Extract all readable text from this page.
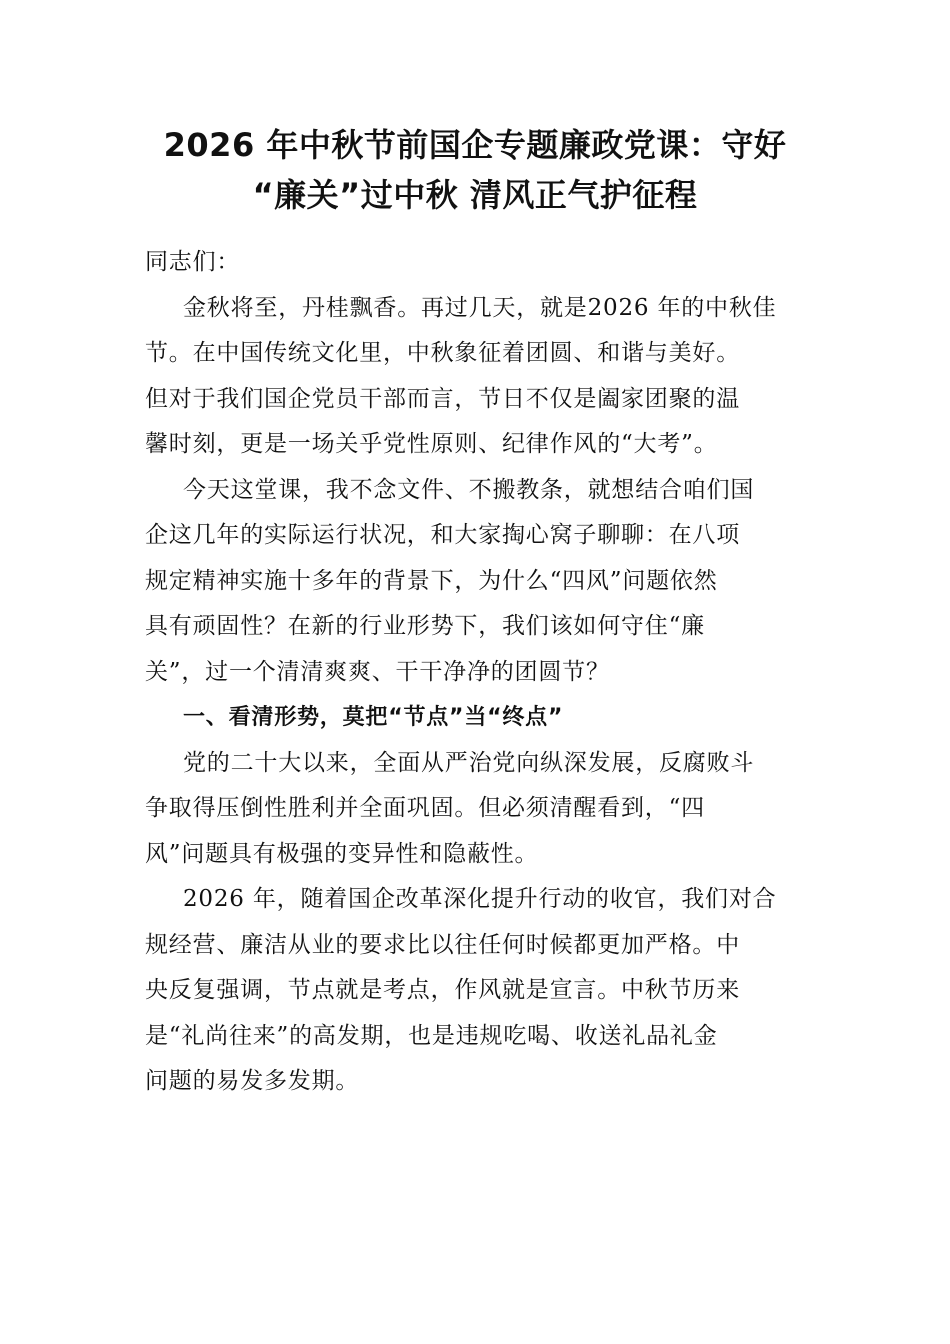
2026 年中秋节前国企专题廉政党课：守好
“廉关”过中秋 清风正气护征程

同志们：

金秋将至，丹桂飘香。再过几天，就是2026 年的中秋佳
节。在中国传统文化里，中秋象征着团圆、和谐与美好。
但对于我们国企党员干部而言，节日不仅是阖家团聚的温
馨时刻，更是一场关乎党性原则、纪律作风的“大考”。

今天这堂课，我不念文件、不搬教条，就想结合咱们国
企这几年的实际运行状况，和大家掏心窝子聊聊：在八项
规定精神实施十多年的背景下，为什么“四风”问题依然
具有顽固性？在新的行业形势下，我们该如何守住“廉
关”，过一个清清爽爽、干干净净的团圆节？

一、看清形势，莫把“节点”当“终点”

党的二十大以来，全面从严治党向纵深发展，反腐败斗
争取得压倒性胜利并全面巩固。但必须清醒看到，“四
风”问题具有极强的变异性和隐蔽性。

2026 年，随着国企改革深化提升行动的收官，我们对合
规经营、廉洁从业的要求比以往任何时候都更加严格。中
央反复强调，节点就是考点，作风就是宣言。中秋节历来
是“礼尚往来”的高发期，也是违规吃喝、收送礼品礼金
问题的易发多发期。
